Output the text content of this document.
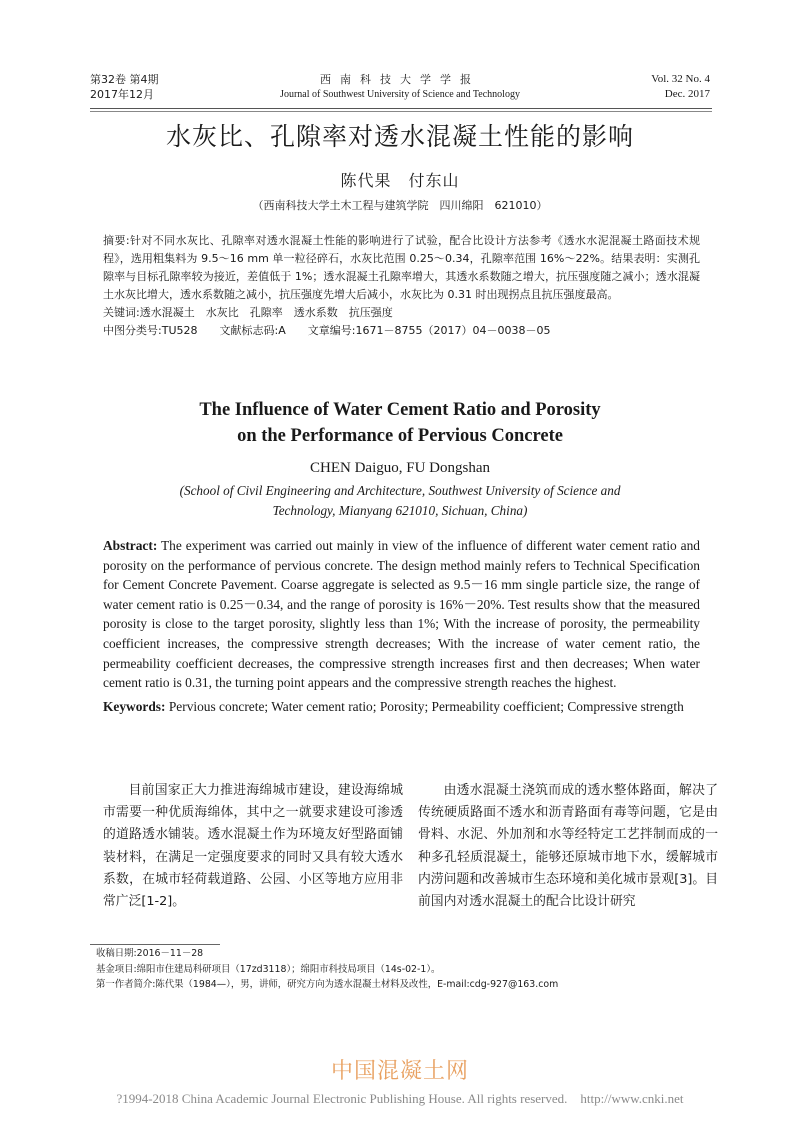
第32卷 第4期
2017年12月
西南科技大学学报
Journal of Southwest University of Science and Technology
Vol. 32 No. 4
Dec. 2017
水灰比、孔隙率对透水混凝土性能的影响
陈代果　付东山
（西南科技大学土木工程与建筑学院　四川绵阳　621010）
摘要:针对不同水灰比、孔隙率对透水混凝土性能的影响进行了试验，配合比设计方法参考《透水水泥混凝土路面技术规程》，选用粗集料为 9.5～16 mm 单一粒径碎石，水灰比范围 0.25～0.34，孔隙率范围 16%～22%。结果表明：实测孔隙率与目标孔隙率较为接近，差值低于 1%；透水混凝土孔隙率增大，其透水系数随之增大，抗压强度随之减小；透水混凝土水灰比增大，透水系数随之减小，抗压强度先增大后减小，水灰比为 0.31 时出现拐点且抗压强度最高。
关键词:透水混凝土　水灰比　孔隙率　透水系数　抗压强度
中图分类号:TU528 文献标志码:A 文章编号:1671－8755（2017）04－0038－05
The Influence of Water Cement Ratio and Porosity
on the Performance of Pervious Concrete
CHEN Daiguo, FU Dongshan
(School of Civil Engineering and Architecture, Southwest University of Science and
Technology, Mianyang 621010, Sichuan, China)
Abstract: The experiment was carried out mainly in view of the influence of different water cement ratio and porosity on the performance of pervious concrete. The design method mainly refers to Technical Specification for Cement Concrete Pavement. Coarse aggregate is selected as 9.5－16 mm single particle size, the range of water cement ratio is 0.25－0.34, and the range of porosity is 16%－20%. Test results show that the measured porosity is close to the target porosity, slightly less than 1%; With the increase of porosity, the permeability coefficient increases, the compressive strength decreases; With the increase of water cement ratio, the permeability coefficient decreases, the compressive strength increases first and then decreases; When water cement ratio is 0.31, the turning point appears and the compressive strength reaches the highest.
Keywords: Pervious concrete; Water cement ratio; Porosity; Permeability coefficient; Compressive strength
目前国家正大力推进海绵城市建设，建设海绵城市需要一种优质海绵体，其中之一就要求建设可渗透的道路透水铺装。透水混凝土作为环境友好型路面铺装材料，在满足一定强度要求的同时又具有较大透水系数，在城市轻荷载道路、公园、小区等地方应用非常广泛[1-2]。
由透水混凝土浇筑而成的透水整体路面，解决了传统硬质路面不透水和沥青路面有毒等问题，它是由骨料、水泥、外加剂和水等经特定工艺拌制而成的一种多孔轻质混凝土，能够还原城市地下水，缓解城市内涝问题和改善城市生态环境和美化城市景观[3]。目前国内对透水混凝土的配合比设计研究
收稿日期:2016－11－28
基金项目:绵阳市住建局科研项目（17zd3118）；绵阳市科技局项目（14s-02-1）。
第一作者简介:陈代果（1984—），男，讲师，研究方向为透水混凝土材料及改性，E-mail:cdg-927@163.com
中国混凝土网
?1994-2018 China Academic Journal Electronic Publishing House. All rights reserved.    http://www.cnki.net
